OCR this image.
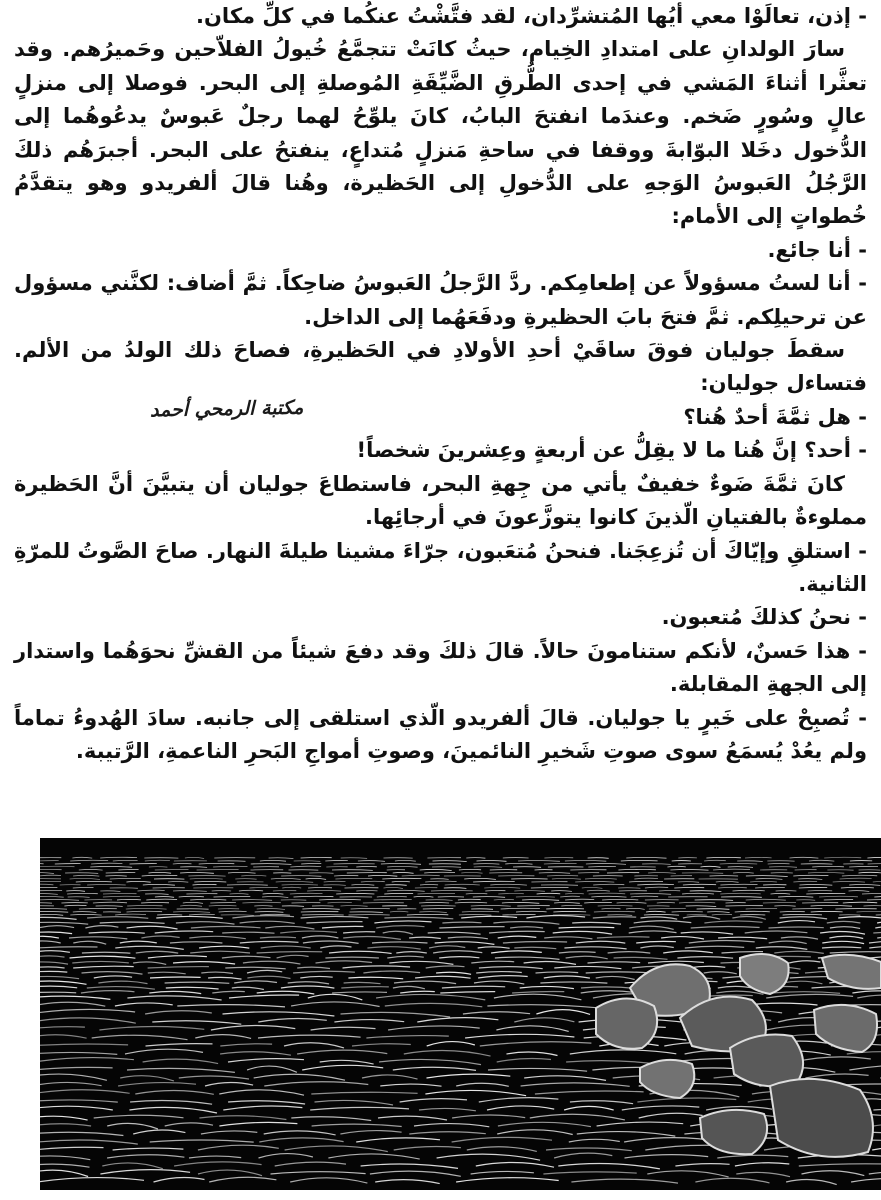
- إذن، تعالَوْا معي أيُها المُتشرِّدان، لقد فتَّشْتُ عنكُما في كلِّ مكان.

سارَ الولدانِ على امتدادِ الخِيام، حيثُ كانَتْ تتجمَّعُ خُيولُ الفلاّحين وحَميرُهم. وقد تعثَّرا أثناءَ المَشي في إحدى الطُّرقِ الضَّيِّقَةِ المُوصلةِ إلى البحر. فوصلا إلى منزلٍ عالٍ وسُورٍ ضَخم. وعندَما انفتحَ البابُ، كانَ يلوِّحُ لهما رجلٌ عَبوسٌ يدعُوهُما إلى الدُّخول دخَلا البوّابةَ ووقفا في ساحةِ مَنزلٍ مُتداعٍ، ينفتحُ على البحر. أجبرَهُم ذلكَ الرَّجُلُ العَبوسُ الوَجهِ على الدُّخولِ إلى الحَظيرة، وهُنا قالَ ألفريدو وهو يتقدَّمُ خُطواتٍ إلى الأمام:

- أنا جائع.

- أنا لستُ مسؤولاً عن إطعامِكم. ردَّ الرَّجلُ العَبوسُ ضاحِكاً. ثمَّ أضاف: لكنَّني مسؤول عن ترحيلِكم. ثمَّ فتحَ بابَ الحظيرةِ ودفَعَهُما إلى الداخل.

سقطَ جوليان فوقَ ساقَيْ أحدِ الأولادِ في الحَظيرةِ، فصاحَ ذلك الولدُ من الألم. فتساءل جوليان:

- هل ثمَّةَ أحدٌ هُنا؟

- أحد؟ إنَّ هُنا ما لا يقِلُّ عن أربعةٍ وعِشرينَ شخصاً!

كانَ ثمَّةَ ضَوءٌ خفيفٌ يأتي من جِهةِ البحر، فاستطاعَ جوليان أن يتبيَّنَ أنَّ الحَظيرة مملوءةٌ بالفتيانِ الّذينَ كانوا يتوزَّعونَ في أرجائِها.

- استلقِ وإيّاكَ أن تُزعِجَنا. فنحنُ مُتعَبون، جرّاءَ مشينا طيلةَ النهار. صاحَ الصَّوتُ للمرّةِ الثانية.

- نحنُ كذلكَ مُتعبون.

- هذا حَسنٌ، لأنكم ستنامونَ حالاً. قالَ ذلكَ وقد دفعَ شيئاً من القشِّ نحوَهُما واستدار إلى الجهةِ المقابلة.

- تُصبِحْ على خَيرٍ يا جوليان. قالَ ألفريدو الّذي استلقى إلى جانبه. سادَ الهُدوءُ تماماً ولم يعُدْ يُسمَعُ سوى صوتِ شَخيرِ النائمينَ، وصوتِ أمواجِ البَحرِ الناعمةِ، الرَّتيبة.

مكتبة الرمحي أحمد
